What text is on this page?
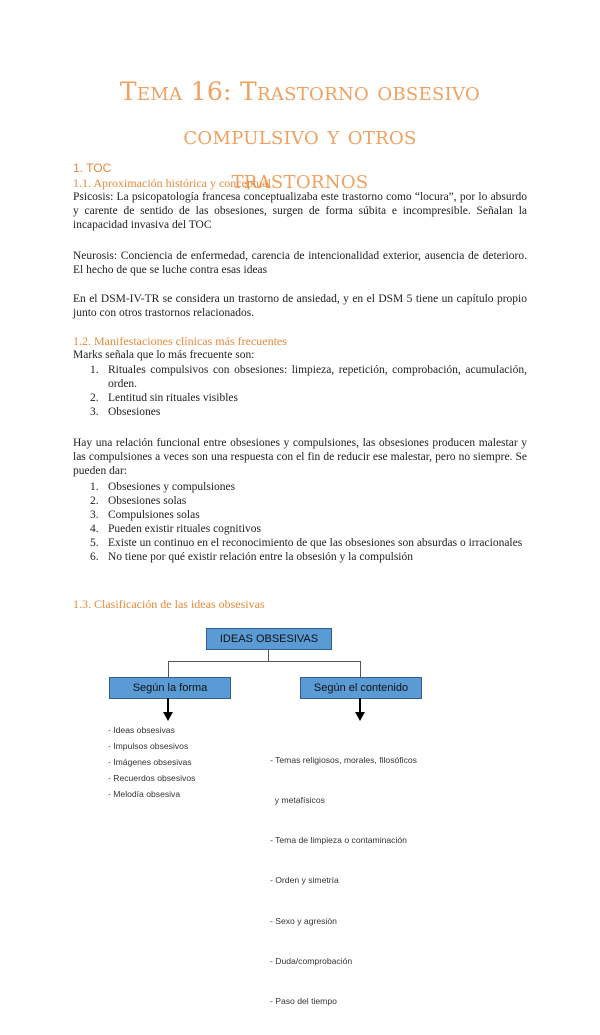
Tema 16: Trastorno obsesivo compulsivo y otros
trastornos
1. TOC
1.1. Aproximación histórica y conceptual
Psicosis: La psicopatología francesa conceptualizaba este trastorno como “locura”, por lo absurdo y carente de sentido de las obsesiones, surgen de forma súbita e incompresible. Señalan la incapacidad invasiva del TOC
Neurosis: Conciencia de enfermedad, carencia de intencionalidad exterior, ausencia de deterioro. El hecho de que se luche contra esas ideas
En el DSM-IV-TR se considera un trastorno de ansiedad, y en el DSM 5 tiene un capítulo propio junto con otros trastornos relacionados.
1.2. Manifestaciones clínicas más frecuentes
Marks señala que lo más frecuente son:
1. Rituales compulsivos con obsesiones: limpieza, repetición, comprobación, acumulación, orden.
2. Lentitud sin rituales visibles
3. Obsesiones
Hay una relación funcional entre obsesiones y compulsiones, las obsesiones producen malestar y las compulsiones a veces son una respuesta con el fin de reducir ese malestar, pero no siempre. Se pueden dar:
1. Obsesiones y compulsiones
2. Obsesiones solas
3. Compulsiones solas
4. Pueden existir rituales cognitivos
5. Existe un continuo en el reconocimiento de que las obsesiones son absurdas o irracionales
6. No tiene por qué existir relación entre la obsesión y la compulsión
1.3. Clasificación de las ideas obsesivas
IDEAS OBSESIVAS
Según la forma	Según el contenido
- Ideas obsesivas
- Impulsos obsesivos
- Imágenes obsesivas
- Recuerdos obsesivos
- Melodía obsesiva

- Temas religiosos, morales, filosóficos

y metafísicos

- Tema de limpieza o contaminación

- Orden y simetría

- Sexo y agresión

- Duda/comprobación

- Paso del tiempo
